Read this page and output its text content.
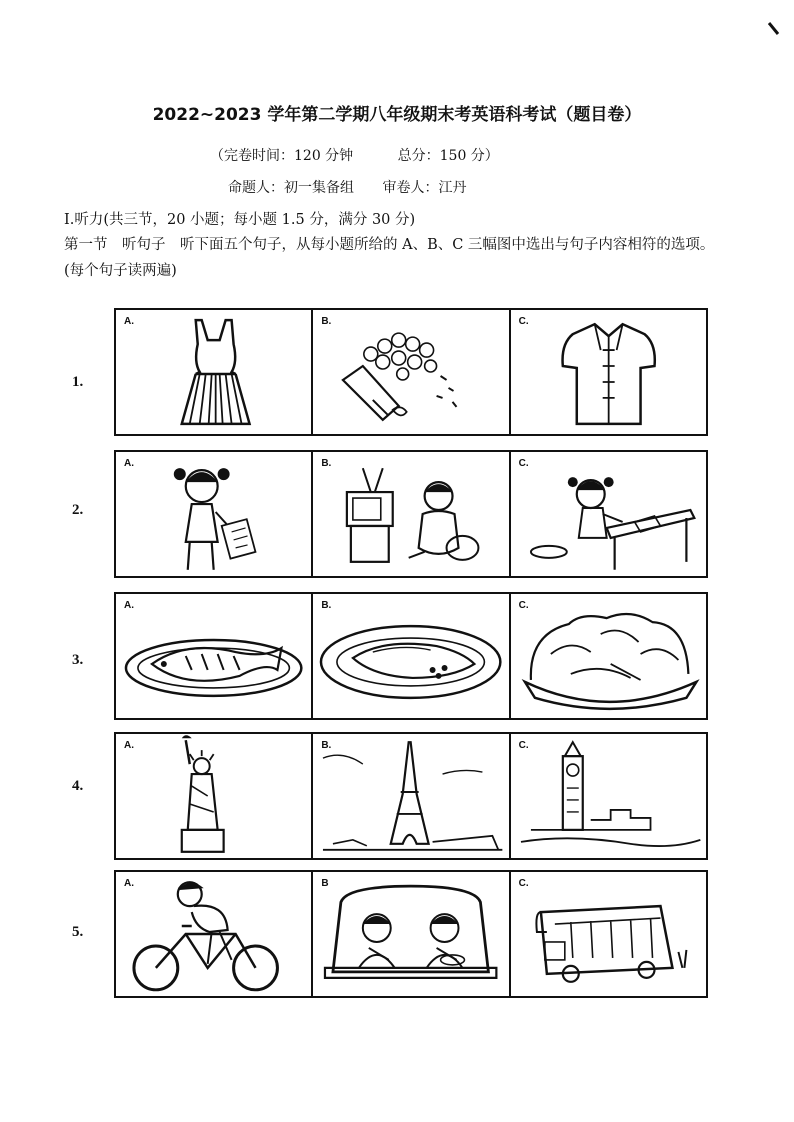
2022~2023 学年第二学期八年级期末考英语科考试（题目卷）
（完卷时间：120 分钟	总分：150 分）
命题人：初一集备组 审卷人：江丹
I.听力(共三节，20 小题；每小题 1.5 分，满分 30 分)
第一节　听句子　听下面五个句子，从每小题所给的 A、B、C 三幅图中选出与句子内容相符的选项。(每个句子读两遍)
1.
A.	B.	C.
2.
A.	B.	C.
3.
A.	B.	C.
4.
A.	B.	C.
5.
A.	B	C.
